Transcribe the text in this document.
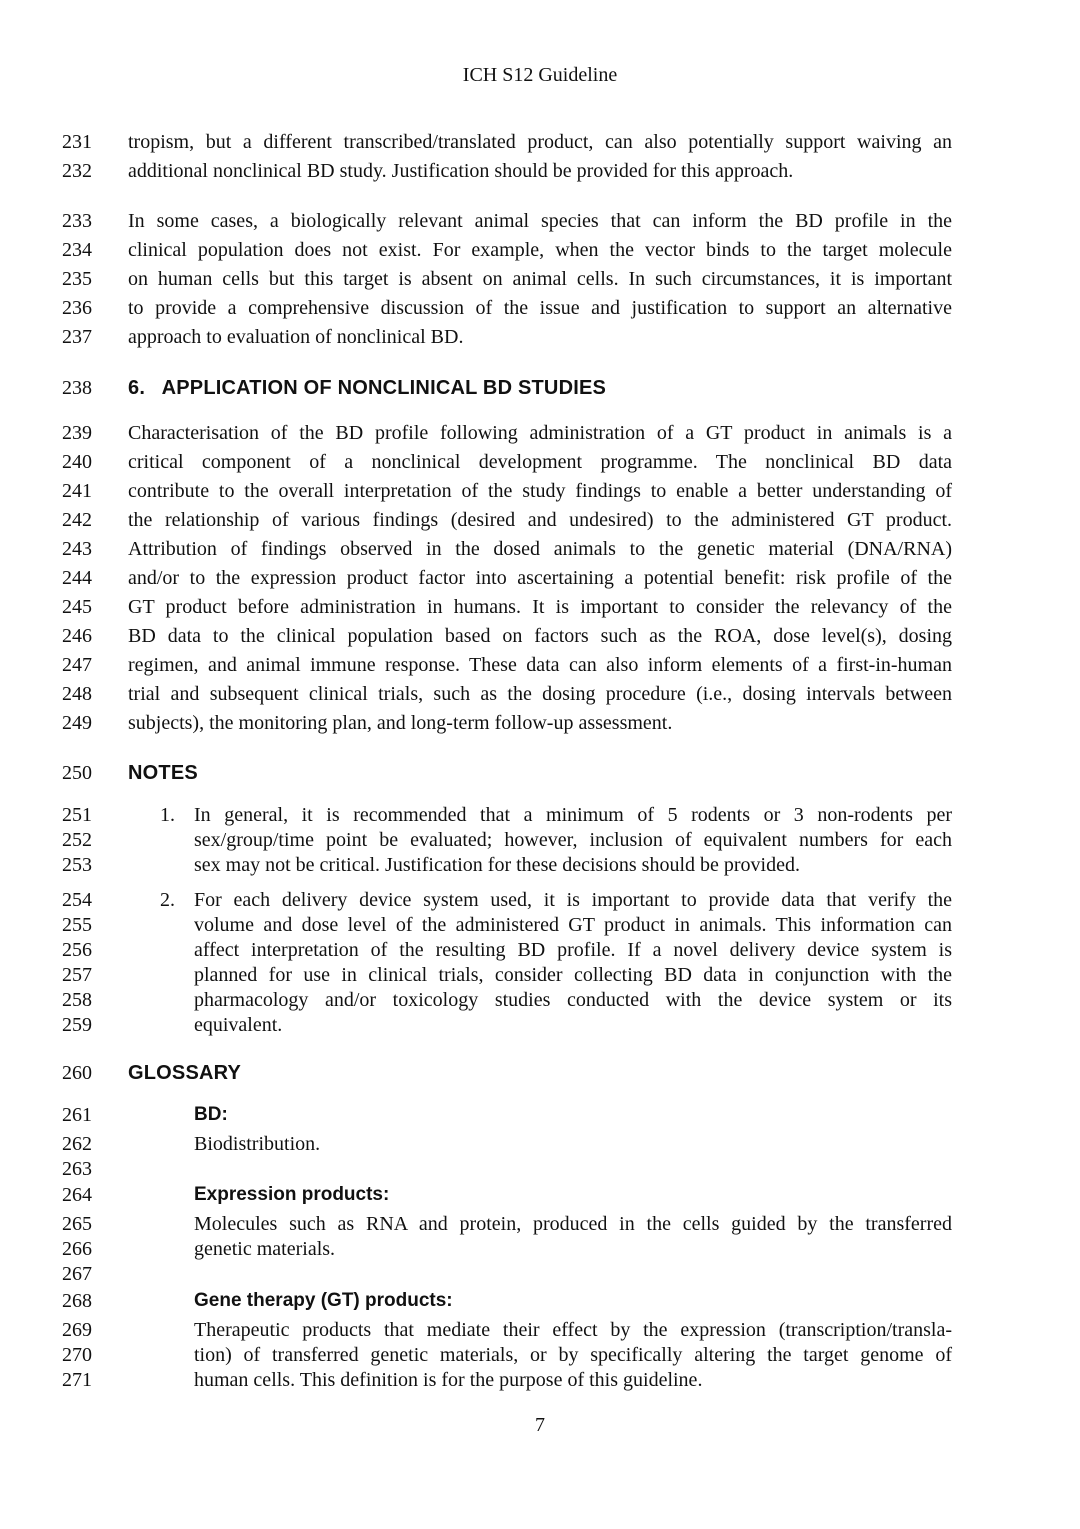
ICH S12 Guideline
231
232
tropism, but a different transcribed/translated product, can also potentially support waiving an
additional nonclinical BD study. Justification should be provided for this approach.
233
234
235
236
237
In some cases, a biologically relevant animal species that can inform the BD profile in the
clinical population does not exist. For example, when the vector binds to the target molecule
on human cells but this target is absent on animal cells. In such circumstances, it is important
to provide a comprehensive discussion of the issue and justification to support an alternative
approach to evaluation of nonclinical BD.
238	6.   APPLICATION OF NONCLINICAL BD STUDIES
239
240
241
242
243
244
245
246
247
248
249
Characterisation of the BD profile following administration of a GT product in animals is a
critical component of a nonclinical development programme. The nonclinical BD data
contribute to the overall interpretation of the study findings to enable a better understanding of
the relationship of various findings (desired and undesired) to the administered GT product.
Attribution of findings observed in the dosed animals to the genetic material (DNA/RNA)
and/or to the expression product factor into ascertaining a potential benefit: risk profile of the
GT product before administration in humans. It is important to consider the relevancy of the
BD data to the clinical population based on factors such as the ROA, dose level(s), dosing
regimen, and animal immune response. These data can also inform elements of a first-in-human
trial and subsequent clinical trials, such as the dosing procedure (i.e., dosing intervals between
subjects), the monitoring plan, and long-term follow-up assessment.
250	NOTES
251
252
253
1. In general, it is recommended that a minimum of 5 rodents or 3 non-rodents per
sex/group/time point be evaluated; however, inclusion of equivalent numbers for each
sex may not be critical. Justification for these decisions should be provided.
254
255
256
257
258
259
2. For each delivery device system used, it is important to provide data that verify the
volume and dose level of the administered GT product in animals. This information can
affect interpretation of the resulting BD profile. If a novel delivery device system is
planned for use in clinical trials, consider collecting BD data in conjunction with the
pharmacology and/or toxicology studies conducted with the device system or its
equivalent.
260	GLOSSARY
261	BD:
262
263
Biodistribution.
264	Expression products:
265
266
267
Molecules such as RNA and protein, produced in the cells guided by the transferred
genetic materials.
268	Gene therapy (GT) products:
269
270
271
Therapeutic products that mediate their effect by the expression (transcription/transla-
tion) of transferred genetic materials, or by specifically altering the target genome of
human cells. This definition is for the purpose of this guideline.
7
